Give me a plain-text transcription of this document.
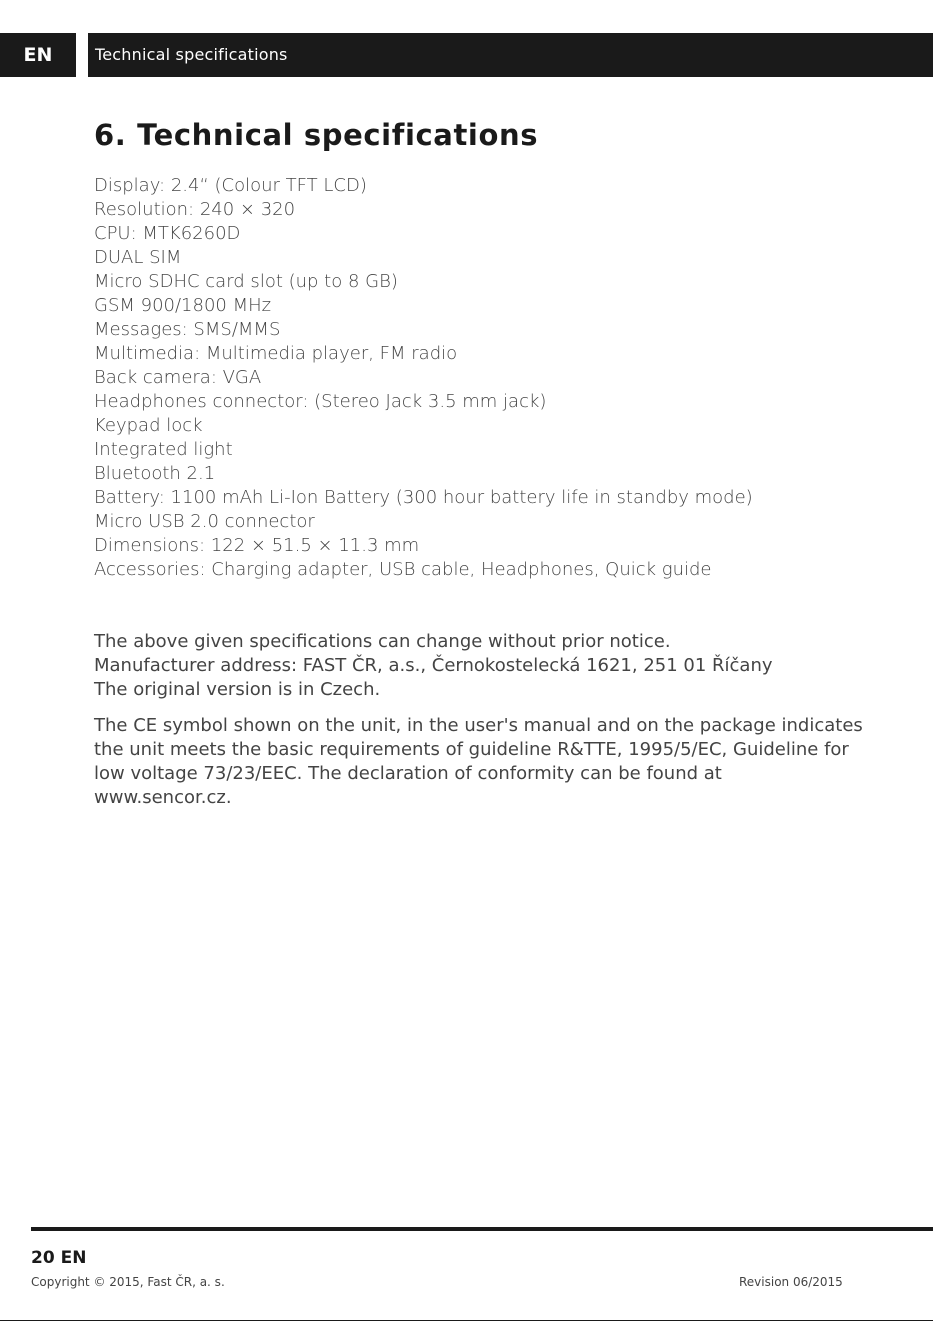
EN	Technical specifications
6. Technical specifications
Display: 2.4“ (Colour TFT LCD)
Resolution: 240 × 320
CPU: MTK6260D
DUAL SIM
Micro SDHC card slot (up to 8 GB)
GSM 900/1800 MHz
Messages: SMS/MMS
Multimedia: Multimedia player, FM radio
Back camera: VGA
Headphones connector: (Stereo Jack 3.5 mm jack)
Keypad lock
Integrated light
Bluetooth 2.1
Battery: 1100 mAh Li-Ion Battery (300 hour battery life in standby mode)
Micro USB 2.0 connector
Dimensions: 122 × 51.5 × 11.3 mm
Accessories: Charging adapter, USB cable, Headphones, Quick guide

The above given specifications can change without prior notice.

Manufacturer address: FAST ČR, a.s., Černokostelecká 1621, 251 01 Říčany

The original version is in Czech.

The CE symbol shown on the unit, in the user's manual and on the package indicates the unit meets the basic requirements of guideline R&TTE, 1995/5/EC, Guideline for low voltage 73/23/EEC. The declaration of conformity can be found at www.sencor.cz.

20 EN
Copyright © 2015, Fast ČR, a. s.	Revision 06/2015
